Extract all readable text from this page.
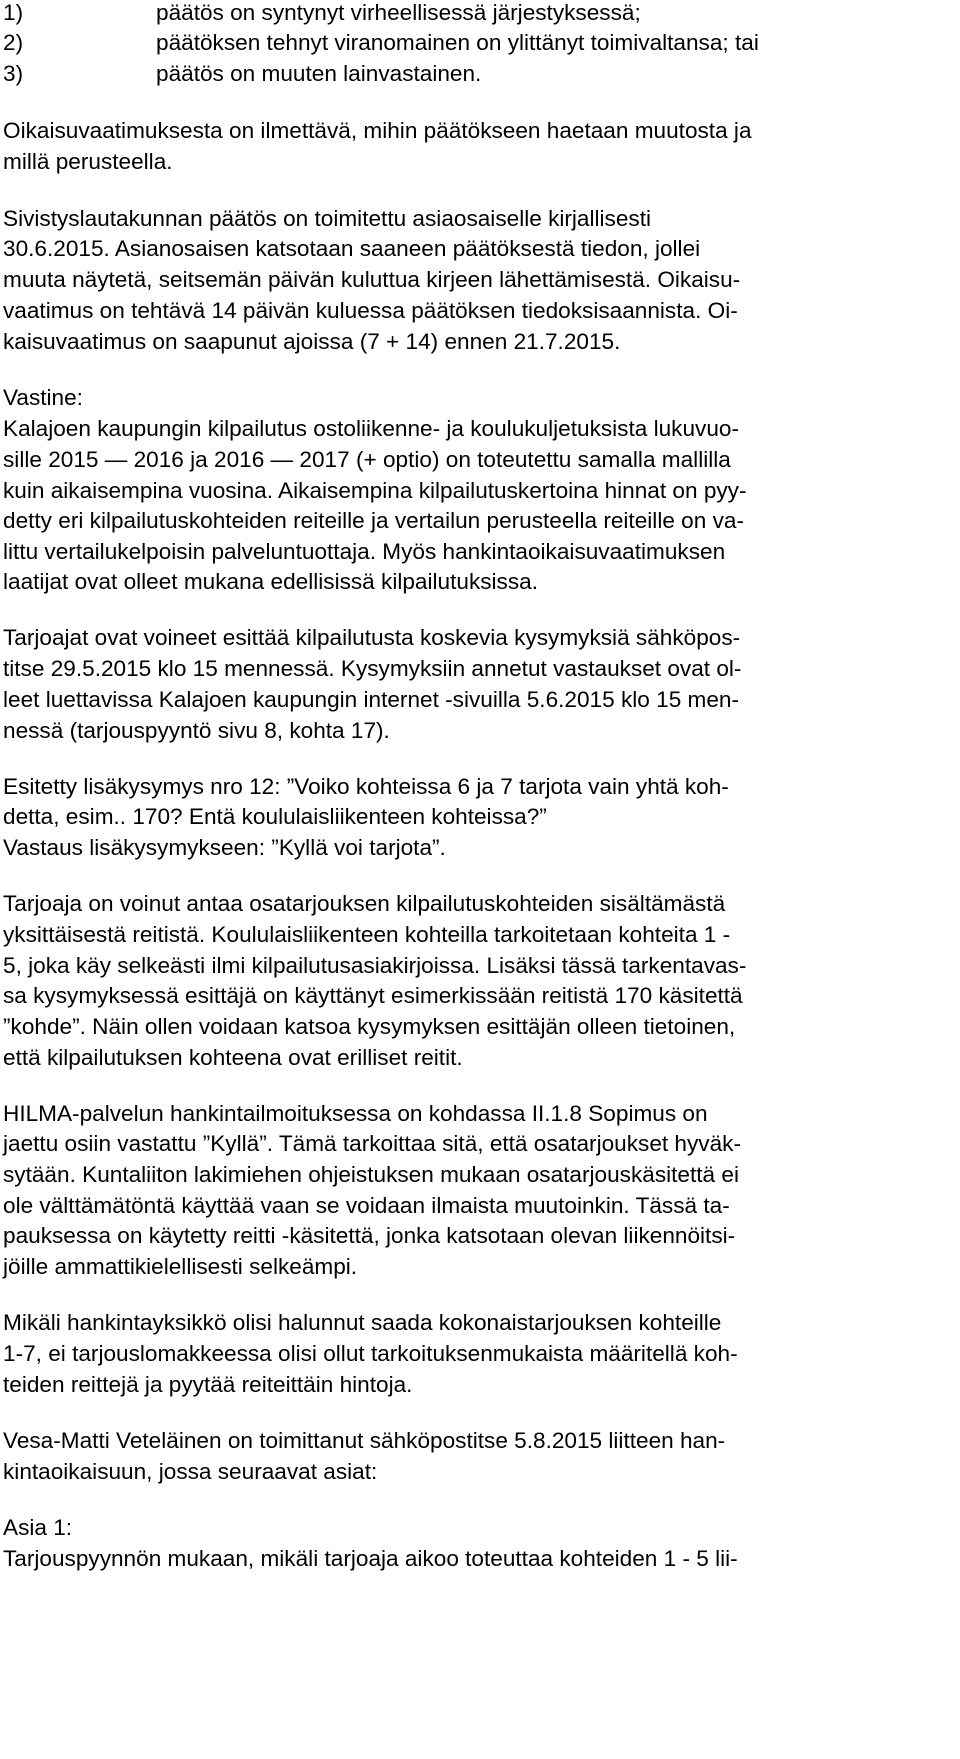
1)	päätös on syntynyt virheellisessä järjestyksessä;
2)	päätöksen tehnyt viranomainen on ylittänyt toimivaltansa; tai
3)	päätös on muuten lainvastainen.
Oikaisuvaatimuksesta on ilmettävä, mihin päätökseen haetaan muutosta ja
millä perusteella.
Sivistyslautakunnan päätös on toimitettu asiaosaiselle kirjallisesti
30.6.2015. Asianosaisen katsotaan saaneen päätöksestä tiedon, jollei
muuta näytetä, seitsemän päivän kuluttua kirjeen lähettämisestä. Oikaisu-
vaatimus on tehtävä 14 päivän kuluessa päätöksen tiedoksisaannista. Oi-
kaisuvaatimus on saapunut ajoissa (7 + 14) ennen 21.7.2015.
Vastine:
Kalajoen kaupungin kilpailutus ostoliikenne- ja koulukuljetuksista lukuvuo-
sille 2015 — 2016 ja 2016 — 2017 (+ optio) on toteutettu samalla mallilla
kuin aikaisempina vuosina. Aikaisempina kilpailutuskertoina hinnat on pyy-
detty eri kilpailutuskohteiden reiteille ja vertailun perusteella reiteille on va-
littu vertailukelpoisin palveluntuottaja. Myös hankintaoikaisuvaatimuksen
laatijat ovat olleet mukana edellisissä kilpailutuksissa.
Tarjoajat ovat voineet esittää kilpailutusta koskevia kysymyksiä sähköpos-
titse 29.5.2015 klo 15 mennessä. Kysymyksiin annetut vastaukset ovat ol-
leet luettavissa Kalajoen kaupungin internet -sivuilla 5.6.2015 klo 15 men-
nessä (tarjouspyyntö sivu 8, kohta 17).
Esitetty lisäkysymys nro 12: ”Voiko kohteissa 6 ja 7 tarjota vain yhtä koh-
detta, esim.. 170? Entä koululaisliikenteen kohteissa?”
Vastaus lisäkysymykseen: ”Kyllä voi tarjota”.
Tarjoaja on voinut antaa osatarjouksen kilpailutuskohteiden sisältämästä
yksittäisestä reitistä. Koululaisliikenteen kohteilla tarkoitetaan kohteita 1 -
5, joka käy selkeästi ilmi kilpailutusasiakirjoissa. Lisäksi tässä tarkentavas-
sa kysymyksessä esittäjä on käyttänyt esimerkissään reitistä 170 käsitettä
”kohde”. Näin ollen voidaan katsoa kysymyksen esittäjän olleen tietoinen,
että kilpailutuksen kohteena ovat erilliset reitit.
HILMA-palvelun hankintailmoituksessa on kohdassa II.1.8 Sopimus on
jaettu osiin vastattu ”Kyllä”. Tämä tarkoittaa sitä, että osatarjoukset hyväk-
sytään. Kuntaliiton lakimiehen ohjeistuksen mukaan osatarjouskäsitettä ei
ole välttämätöntä käyttää vaan se voidaan ilmaista muutoinkin. Tässä ta-
pauksessa on käytetty reitti -käsitettä, jonka katsotaan olevan liikennöitsi-
jöille ammattikielellisesti selkeämpi.
Mikäli hankintayksikkö olisi halunnut saada kokonaistarjouksen kohteille
1-7, ei tarjouslomakkeessa olisi ollut tarkoituksenmukaista määritellä koh-
teiden reittejä ja pyytää reiteittäin hintoja.
Vesa-Matti Veteläinen on toimittanut sähköpostitse 5.8.2015 liitteen han-
kintaoikaisuun, jossa seuraavat asiat:
Asia 1:
Tarjouspyynnön mukaan, mikäli tarjoaja aikoo toteuttaa kohteiden 1 - 5 lii-
